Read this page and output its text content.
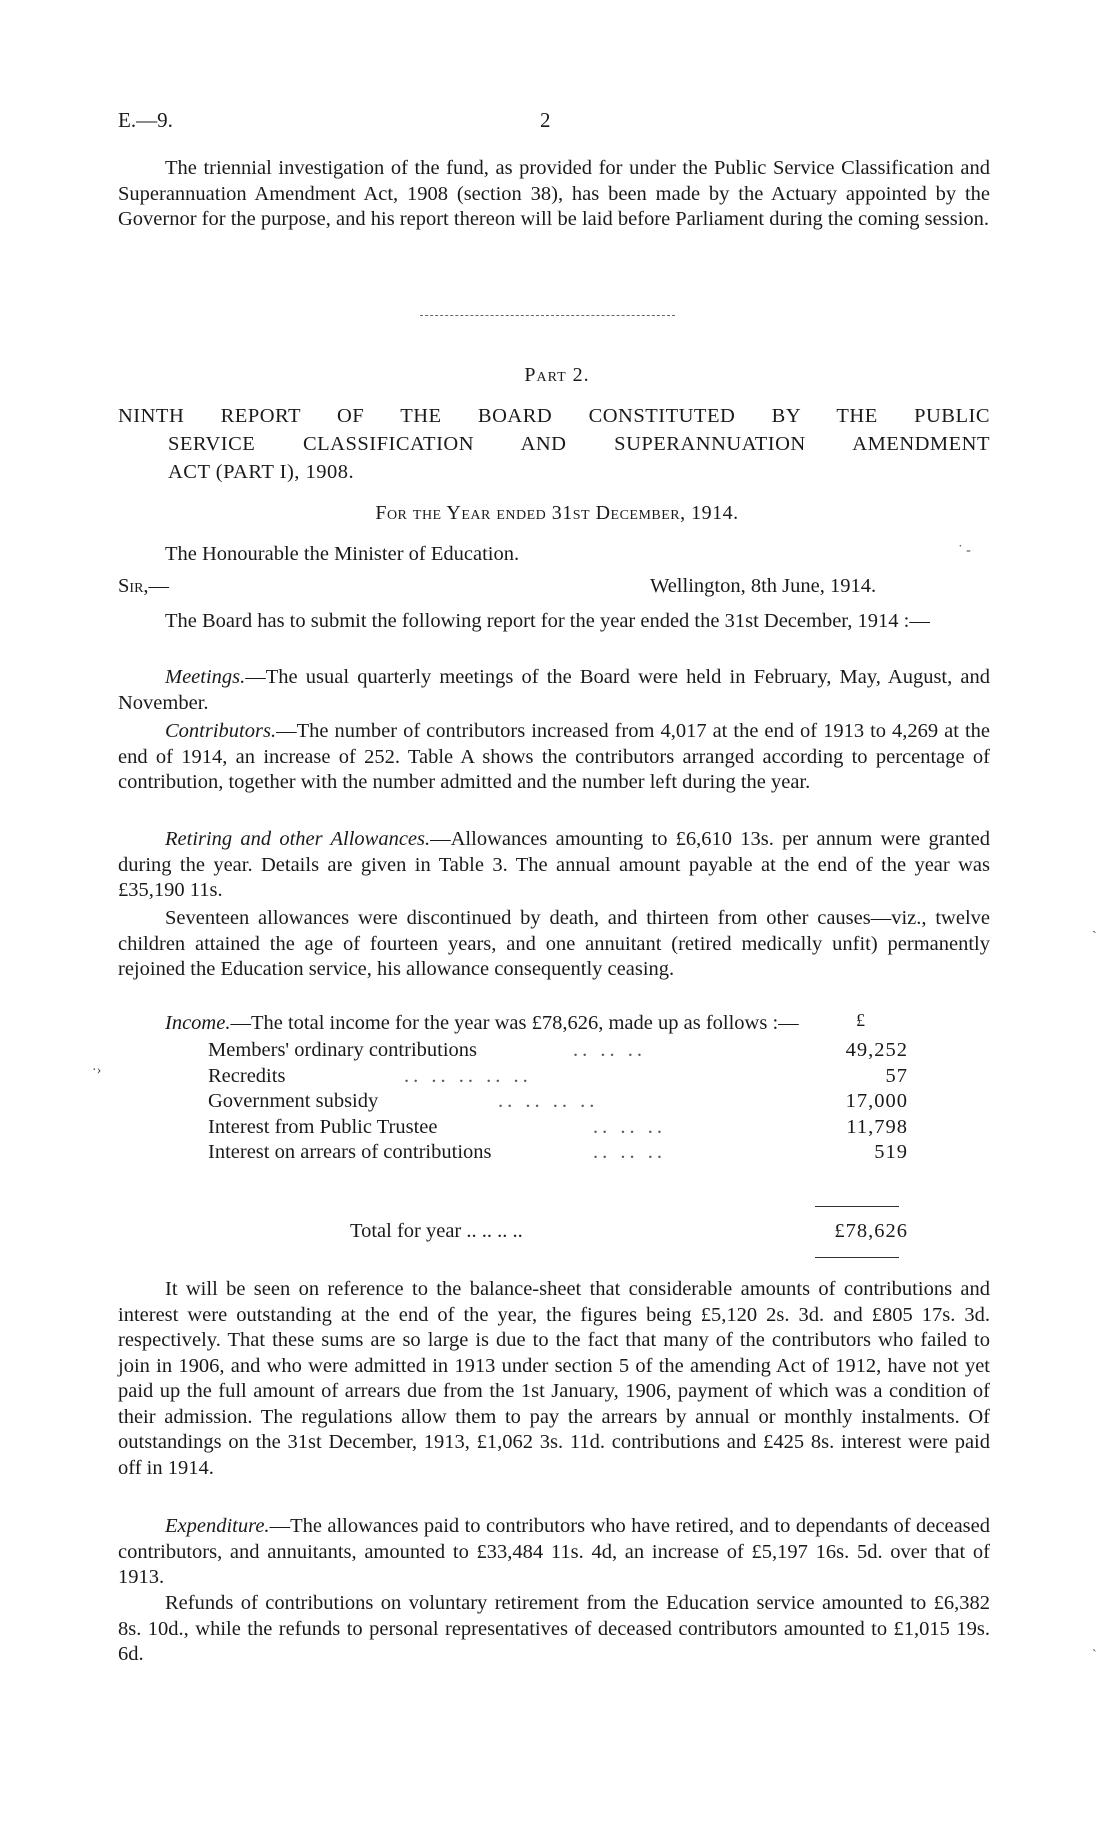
E.—9.	2
The triennial investigation of the fund, as provided for under the Public Service Classification and Superannuation Amendment Act, 1908 (section 38), has been made by the Actuary appointed by the Governor for the purpose, and his report thereon will be laid before Parliament during the coming session.
Part 2.
NINTH REPORT OF THE BOARD CONSTITUTED BY THE PUBLIC
SERVICE CLASSIFICATION AND SUPERANNUATION AMENDMENT
ACT (PART I), 1908.
For the Year ended 31st December, 1914.
The Honourable the Minister of Education.
Sir,—	Wellington, 8th June, 1914.
The Board has to submit the following report for the year ended the 31st December, 1914 :—
Meetings.—The usual quarterly meetings of the Board were held in February, May, August, and November.
Contributors.—The number of contributors increased from 4,017 at the end of 1913 to 4,269 at the end of 1914, an increase of 252. Table A shows the contributors arranged according to percentage of contribution, together with the number admitted and the number left during the year.
Retiring and other Allowances.—Allowances amounting to £6,610 13s. per annum were granted during the year. Details are given in Table 3. The annual amount payable at the end of the year was £35,190 11s.
Seventeen allowances were discontinued by death, and thirteen from other causes—viz., twelve children attained the age of fourteen years, and one annuitant (retired medically unfit) permanently rejoined the Education service, his allowance consequently ceasing.
Income.—The total income for the year was £78,626, made up as follows :—	£
Members' ordinary contributions	.. .. ..	49,252
Recredits	.. .. .. .. ..	57
Government subsidy	.. .. .. ..	17,000
Interest from Public Trustee	.. .. ..	11,798
Interest on arrears of contributions	.. .. ..	519
Total for year .. .. .. ..	£78,626
It will be seen on reference to the balance-sheet that considerable amounts of contributions and interest were outstanding at the end of the year, the figures being £5,120 2s. 3d. and £805 17s. 3d. respectively. That these sums are so large is due to the fact that many of the contributors who failed to join in 1906, and who were admitted in 1913 under section 5 of the amending Act of 1912, have not yet paid up the full amount of arrears due from the 1st January, 1906, payment of which was a condition of their admission. The regulations allow them to pay the arrears by annual or monthly instalments. Of outstandings on the 31st December, 1913, £1,062 3s. 11d. contributions and £425 8s. interest were paid off in 1914.
Expenditure.—The allowances paid to contributors who have retired, and to dependants of deceased contributors, and annuitants, amounted to £33,484 11s. 4d, an increase of £5,197 16s. 5d. over that of 1913.
Refunds of contributions on voluntary retirement from the Education service amounted to £6,382 8s. 10d., while the refunds to personal representatives of deceased contributors amounted to £1,015 19s. 6d.
·›
˙ -
ˎ
˴
